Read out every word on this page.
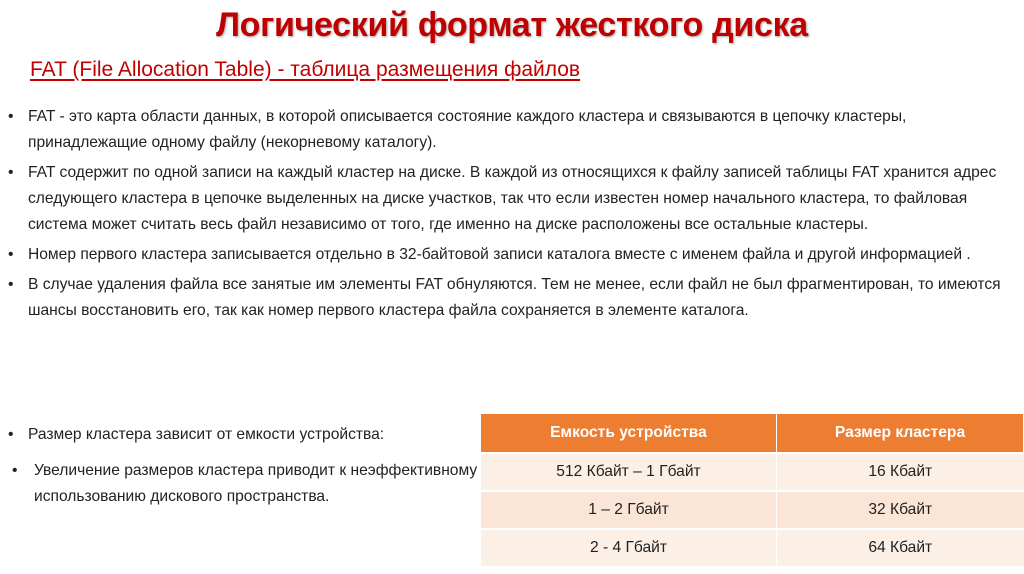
Логический формат жесткого диска
FAT (File Allocation Table) - таблица размещения файлов
• FAT - это карта области данных, в которой описывается состояние каждого кластера и связываются в цепочку кластеры, принадлежащие одному файлу (некорневому каталогу).
• FAT содержит по одной записи на каждый кластер на диске. В каждой из относящихся к файлу записей таблицы FAT хранится адрес следующего кластера в цепочке выделенных на диске участков, так что если известен номер начального кластера, то файловая система может считать весь файл независимо от того, где именно на диске расположены все остальные кластеры.
• Номер первого кластера записывается отдельно в 32-байтовой записи каталога вместе с именем файла и другой информацией .
• В случае удаления файла все занятые им элементы FAT обнуляются. Тем не менее, если файл не был фрагментирован, то имеются шансы восстановить его, так как номер первого кластера файла сохраняется в элементе каталога.
• Размер кластера зависит от емкости устройства:
• Увеличение размеров кластера приводит к неэффективному использованию дискового пространства.
Емкость устройства	Размер кластера
512 Кбайт – 1 Гбайт	16 Кбайт
1 – 2 Гбайт	32 Кбайт
2 - 4 Гбайт	64 Кбайт
